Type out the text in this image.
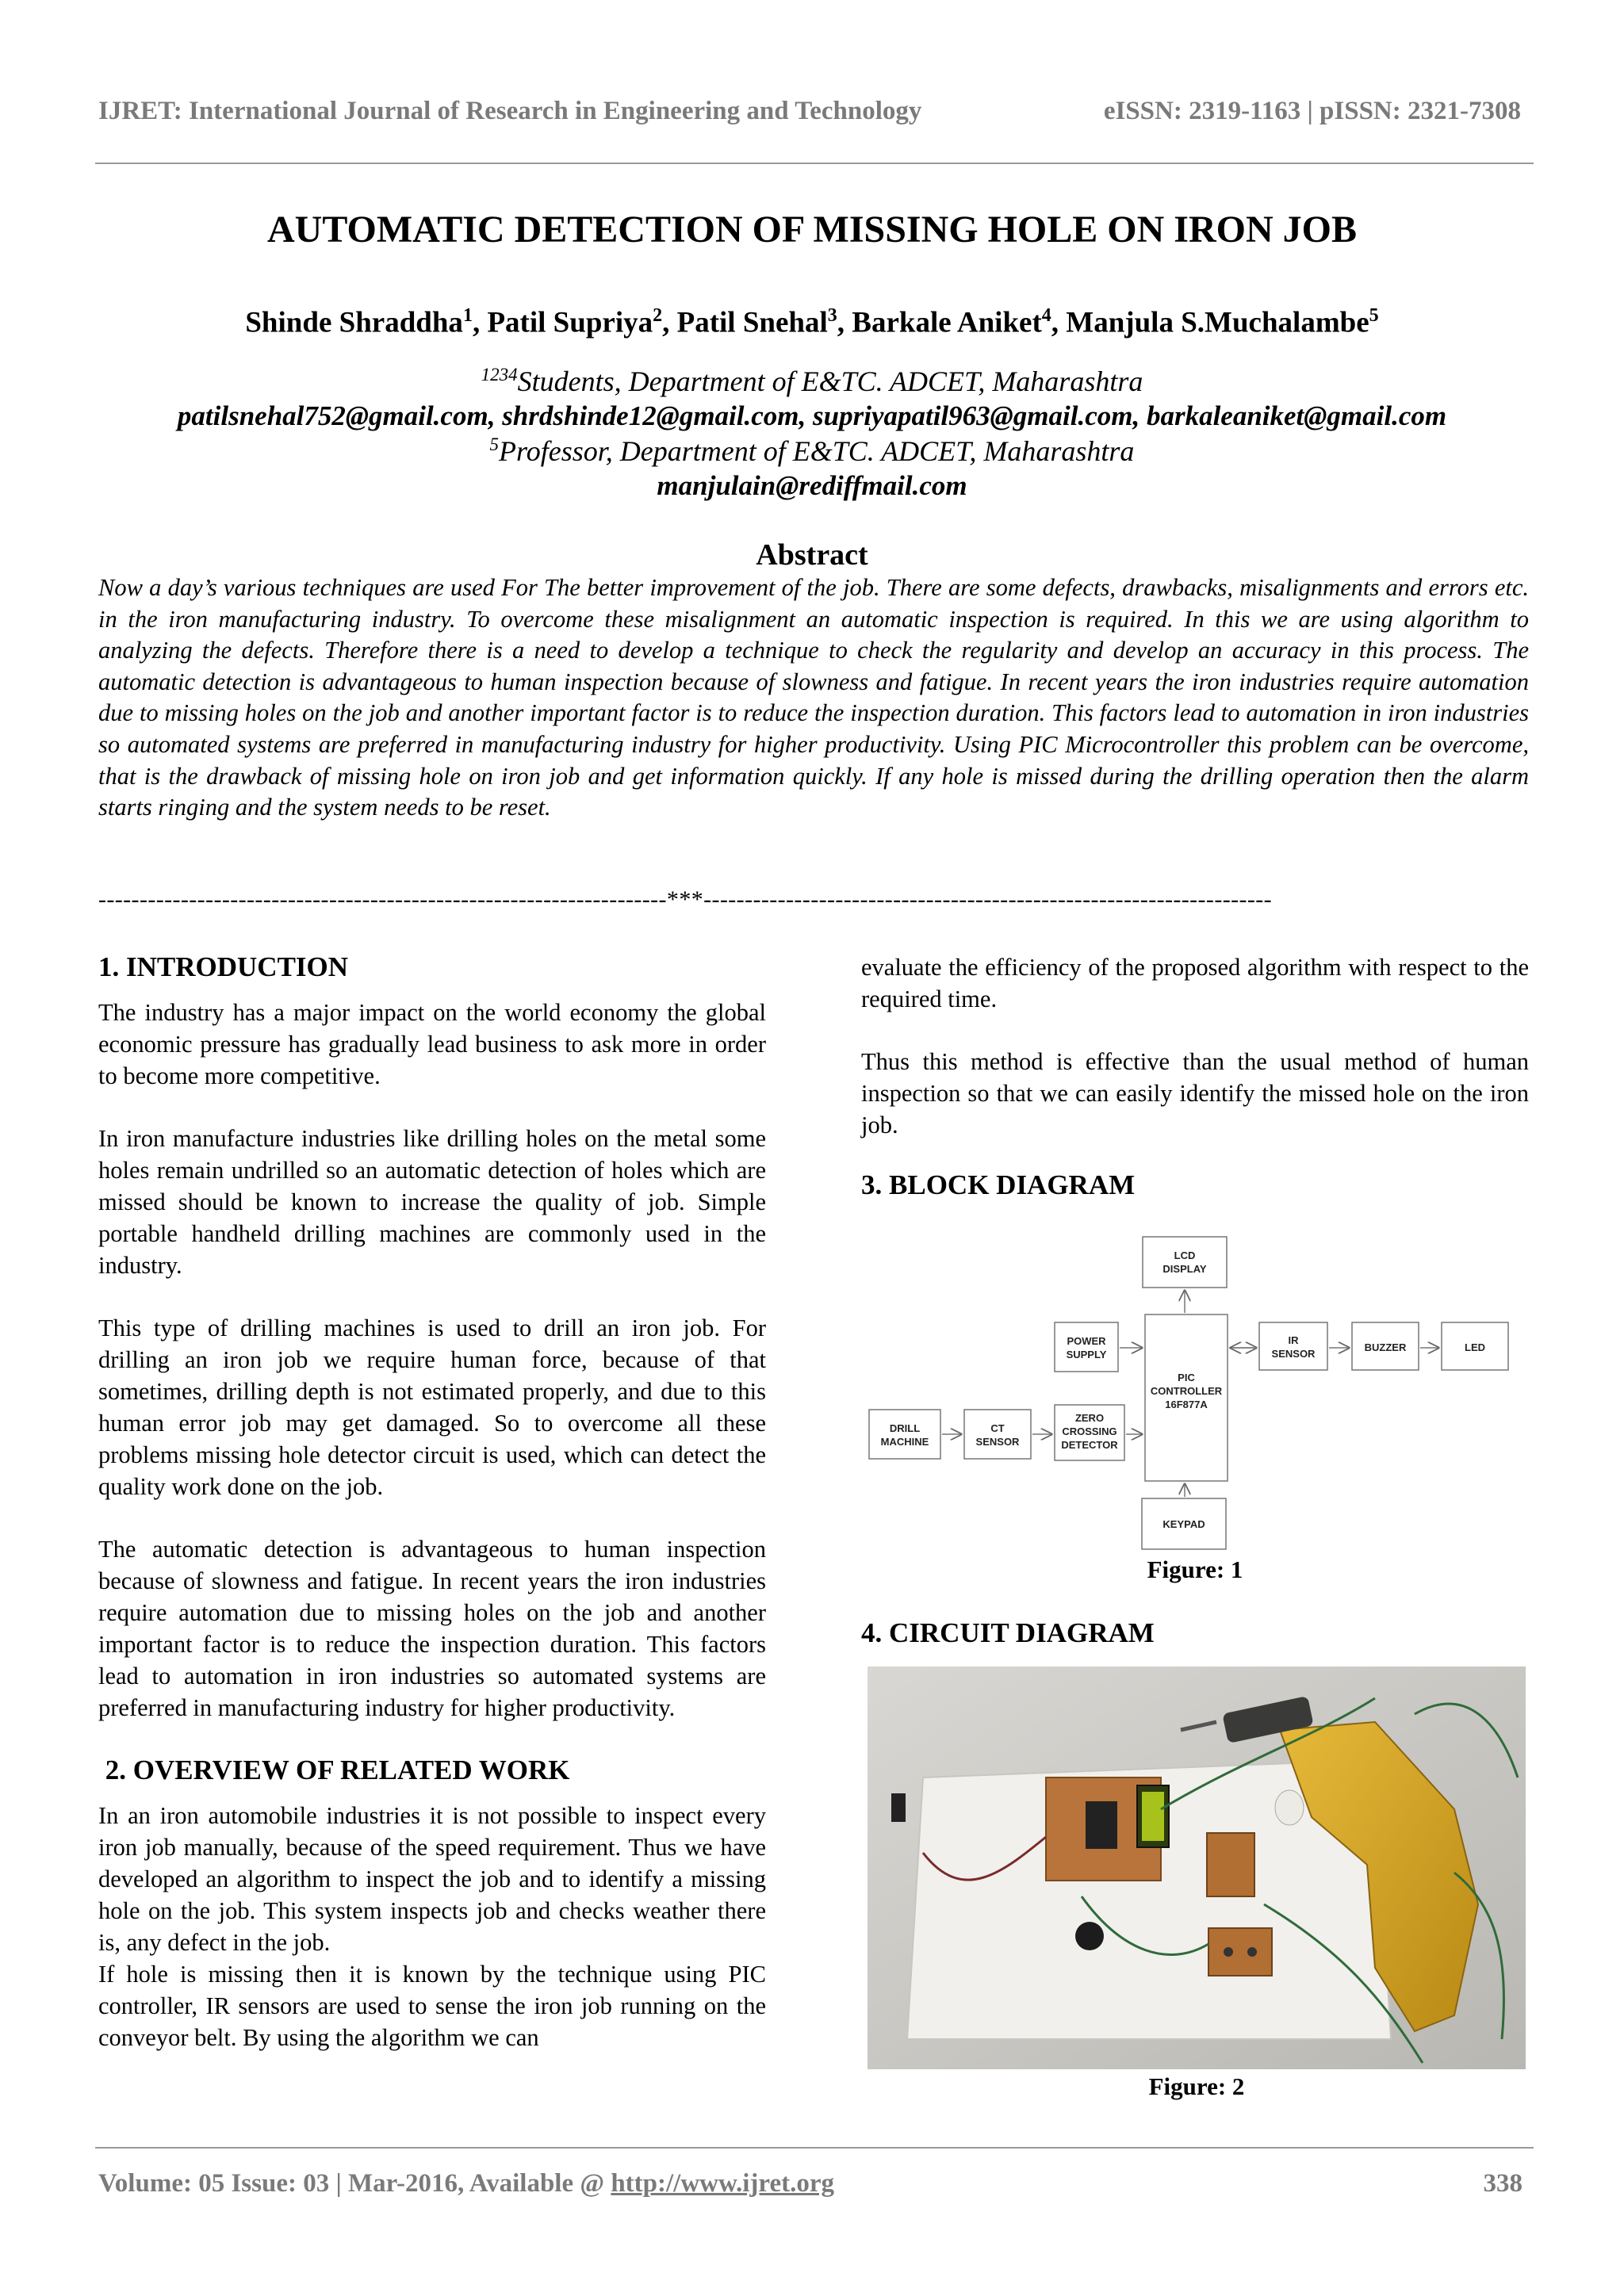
IJRET: International Journal of Research in Engineering and Technology	eISSN: 2319-1163 | pISSN: 2321-7308
AUTOMATIC DETECTION OF MISSING HOLE ON IRON JOB
Shinde Shraddha$^1$, Patil Supriya$^2$, Patil Snehal$^3$, Barkale Aniket$^4$, Manjula S.Muchalambe$^5$
$^{1234}$Students, Department of E&TC. ADCET, Maharashtra
patilsnehal752@gmail.com, shrdshinde12@gmail.com, supriyapatil963@gmail.com, barkaleaniket@gmail.com
$^5$Professor, Department of E&TC. ADCET, Maharashtra
manjulain@rediffmail.com
Abstract
Now a day’s various techniques are used For The better improvement of the job. There are some defects, drawbacks, misalignments and errors etc. in the iron manufacturing industry. To overcome these misalignment an automatic inspection is required. In this we are using algorithm to analyzing the defects. Therefore there is a need to develop a technique to check the regularity and develop an accuracy in this process. The automatic detection is advantageous to human inspection because of slowness and fatigue. In recent years the iron industries require automation due to missing holes on the job and another important factor is to reduce the inspection duration. This factors lead to automation in iron industries so automated systems are preferred in manufacturing industry for higher productivity. Using PIC Microcontroller this problem can be overcome, that is the drawback of missing hole on iron job and get information quickly. If any hole is missed during the drilling operation then the alarm starts ringing and the system needs to be reset.
---------------------------------------------------------------------***---------------------------------------------------------------------
1. INTRODUCTION

The industry has a major impact on the world economy the global economic pressure has gradually lead business to ask more in order to become more competitive.

In iron manufacture industries like drilling holes on the metal some holes remain undrilled so an automatic detection of holes which are missed should be known to increase the quality of job. Simple portable handheld drilling machines are commonly used in the industry.

This type of drilling machines is used to drill an iron job. For drilling an iron job we require human force, because of that sometimes, drilling depth is not estimated properly, and due to this human error job may get damaged. So to overcome all these problems missing hole detector circuit is used, which can detect the quality work done on the job.

The automatic detection is advantageous to human inspection because of slowness and fatigue. In recent years the iron industries require automation due to missing holes on the job and another important factor is to reduce the inspection duration. This factors lead to automation in iron industries so automated systems are preferred in manufacturing industry for higher productivity.

2. OVERVIEW OF RELATED WORK

In an iron automobile industries it is not possible to inspect every iron job manually, because of the speed requirement. Thus we have developed an algorithm to inspect the job and to identify a missing hole on the job. This system inspects job and checks weather there is, any defect in the job.

If hole is missing then it is known by the technique using PIC controller, IR sensors are used to sense the iron job running on the conveyor belt. By using the algorithm we can

evaluate the efficiency of the proposed algorithm with respect to the required time.

Thus this method is effective than the usual method of human inspection so that we can easily identify the missed hole on the iron job.

3. BLOCK DIAGRAM
LCD
DISPLAY
POWER
SUPPLY
PIC
CONTROLLER
16F877A
IR
SENSOR
BUZZER	LED
DRILL
MACHINE
CT
SENSOR
ZERO
CROSSING
DETECTOR
KEYPAD
Figure: 1
4. CIRCUIT DIAGRAM
Figure: 2
Volume: 05 Issue: 03 | Mar-2016, Available @ http://www.ijret.org	338
